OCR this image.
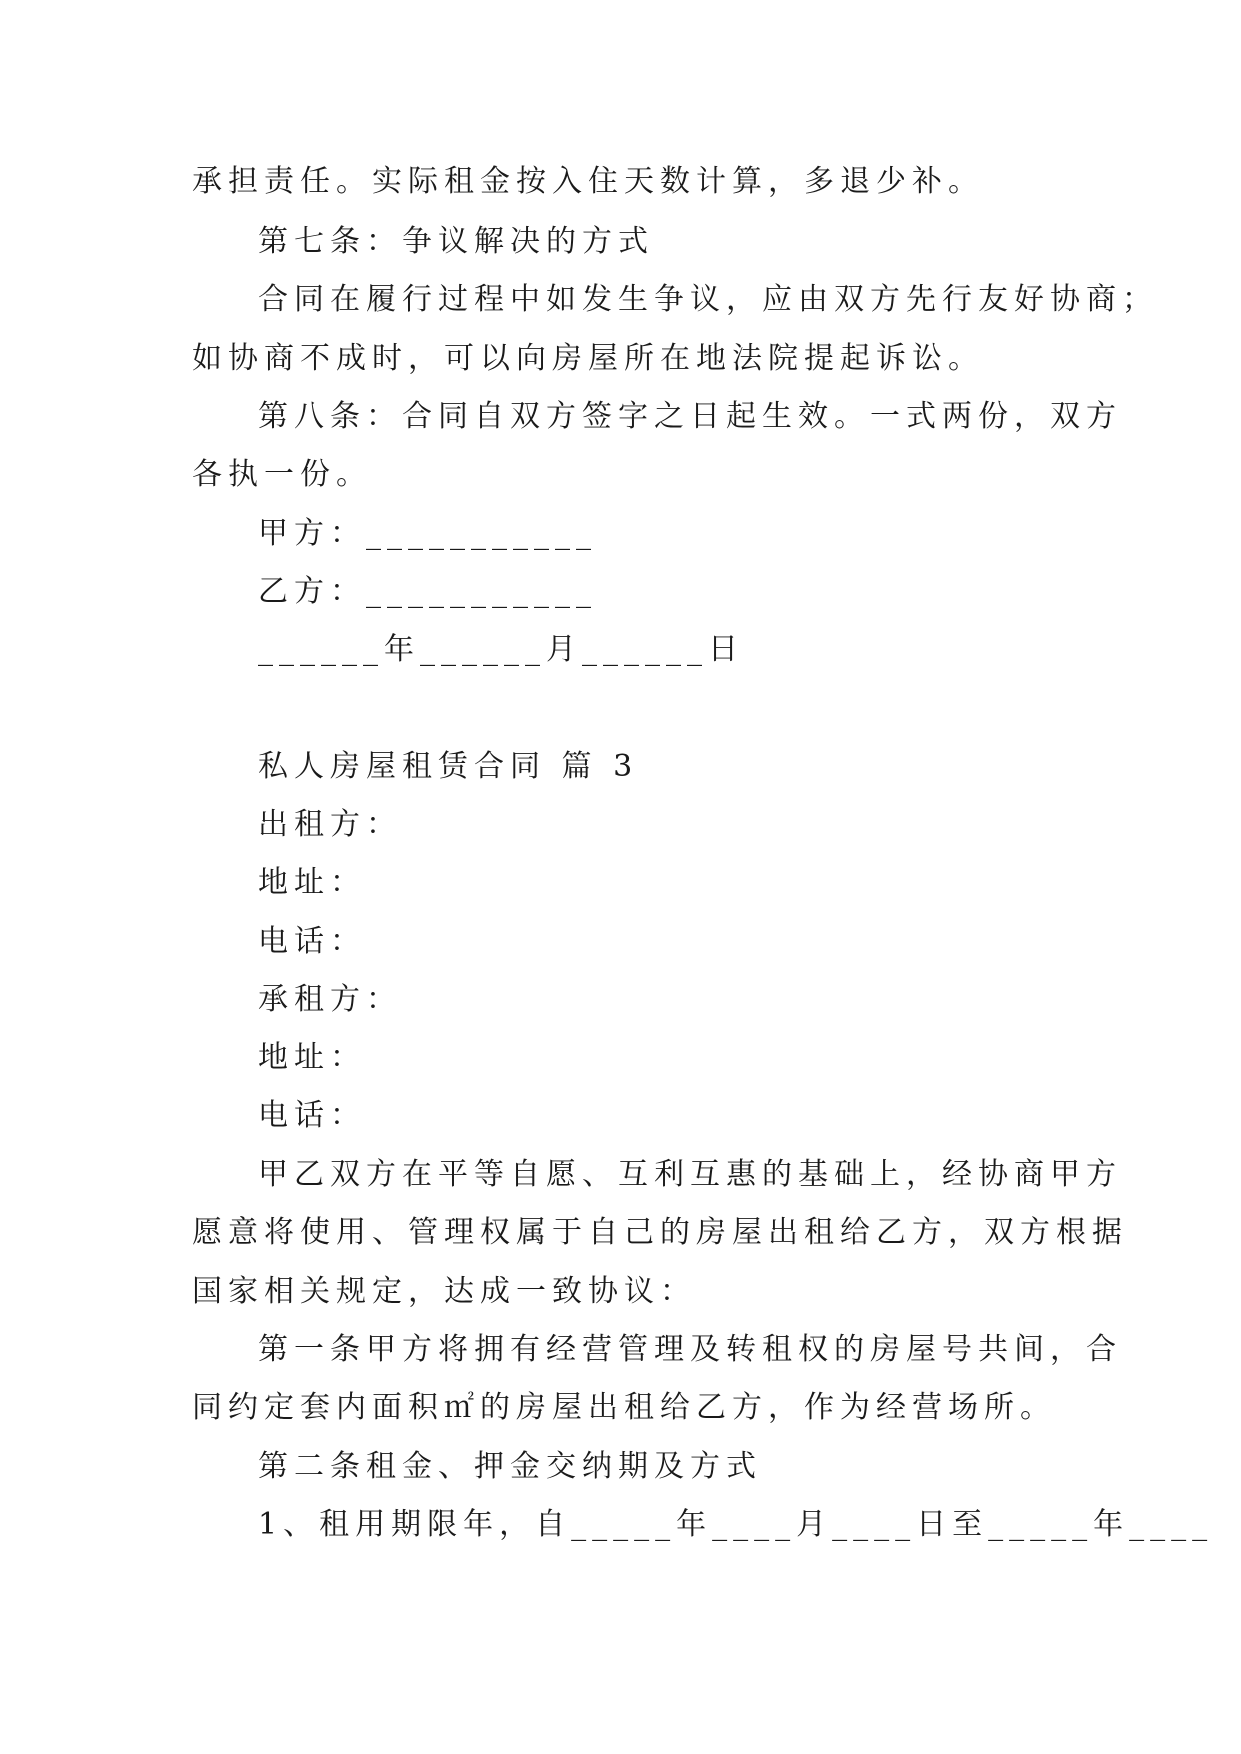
承担责任。实际租金按入住天数计算，多退少补。
第七条：争议解决的方式
合同在履行过程中如发生争议，应由双方先行友好协商；
如协商不成时，可以向房屋所在地法院提起诉讼。
第八条：合同自双方签字之日起生效。一式两份，双方
各执一份。
甲方：___________
乙方：___________
______年______月______日
私人房屋租赁合同 篇 3
出租方：
地址：
电话：
承租方：
地址：
电话：
甲乙双方在平等自愿、互利互惠的基础上，经协商甲方
愿意将使用、管理权属于自己的房屋出租给乙方，双方根据
国家相关规定，达成一致协议：
第一条甲方将拥有经营管理及转租权的房屋号共间，合
同约定套内面积㎡的房屋出租给乙方，作为经营场所。
第二条租金、押金交纳期及方式
1、租用期限年，自_____年____月____日至_____年____
